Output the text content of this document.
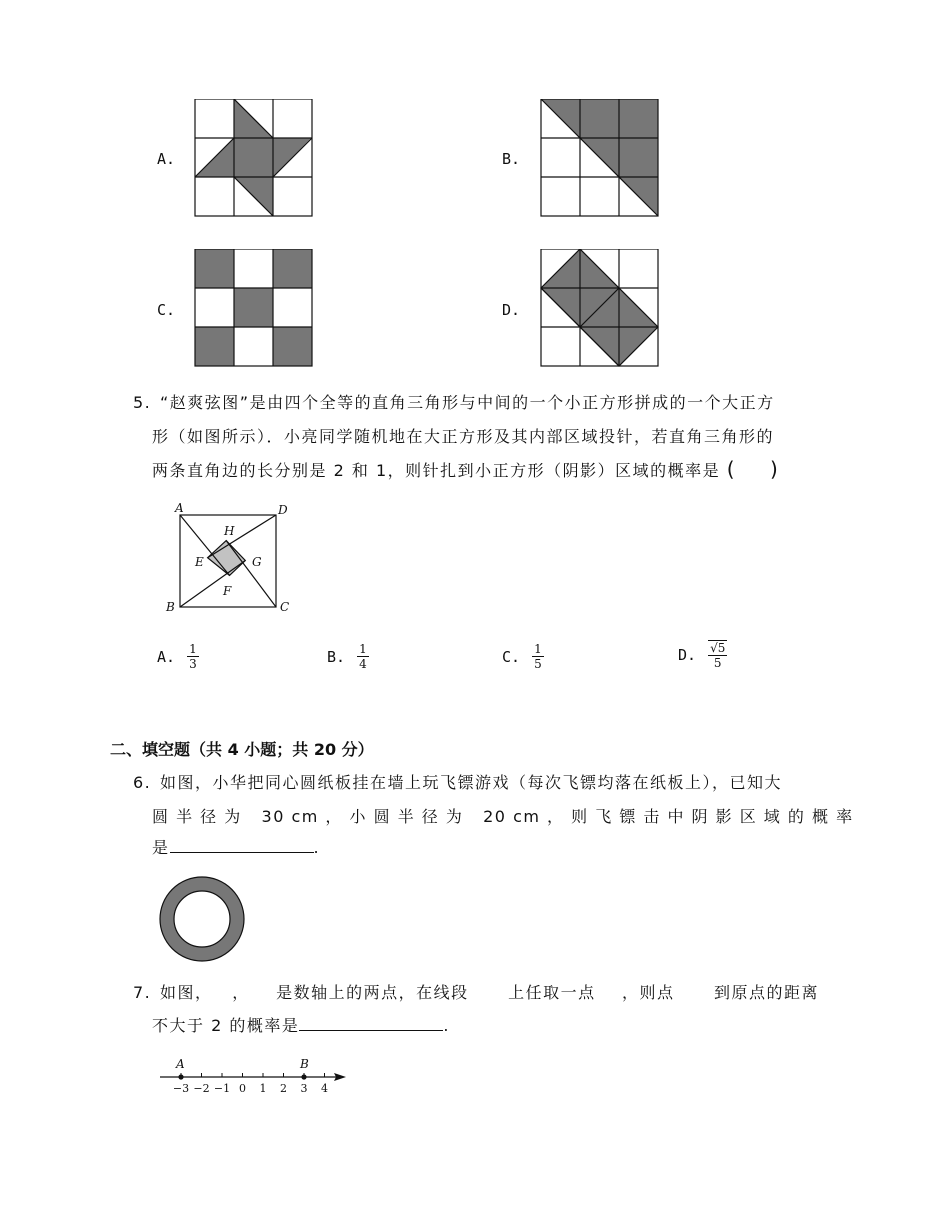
A.	B.
C.	D.
5. “赵爽弦图”是由四个全等的直角三角形与中间的一个小正方形拼成的一个大正方
形（如图所示）．小亮同学随机地在大正方形及其内部区域投针，若直角三角形的
两条直角边的长分别是 2 和 1，则针扎到小正方形（阴影）区域的概率是 ( )
A	D
H
E	G
F
B	C
A. $\frac{1}{3}$	B. $\frac{1}{4}$	C. $\frac{1}{5}$	D. $\frac{√5}{5}$
二、填空题（共 4 小题；共 20 分）
6. 如图，小华把同心圆纸板挂在墙上玩飞镖游戏（每次飞镖均落在纸板上），已知大
圆 半 径 为   30 cm ， 小 圆 半 径 为   20 cm ， 则 飞 镖 击 中 阴 影 区 域 的 概 率
是	.
7. 如图，   ，    是数轴上的两点，在线段      上任取一点    ，则点      到原点的距离
不大于 2 的概率是	.
−3 −2 −1 0 1 2 3 4
A	B
